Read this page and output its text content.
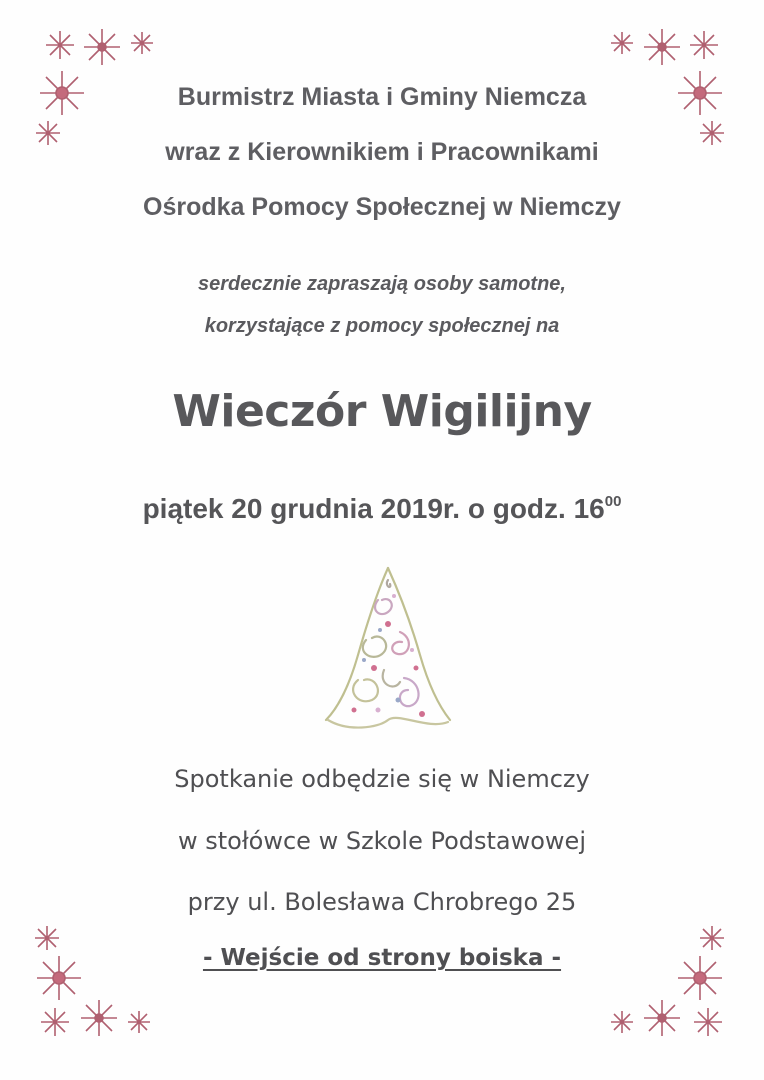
Burmistrz Miasta i Gminy Niemcza
wraz z Kierownikiem i Pracownikami
Ośrodka Pomocy Społecznej w Niemczy
serdecznie zapraszają osoby samotne,
korzystające z pomocy społecznej na
Wieczór Wigilijny
piątek 20 grudnia 2019r. o godz. $16^{00}$
Spotkanie odbędzie się w Niemczy
w stołówce w Szkole Podstawowej
przy ul. Bolesława Chrobrego 25
- Wejście od strony boiska -
